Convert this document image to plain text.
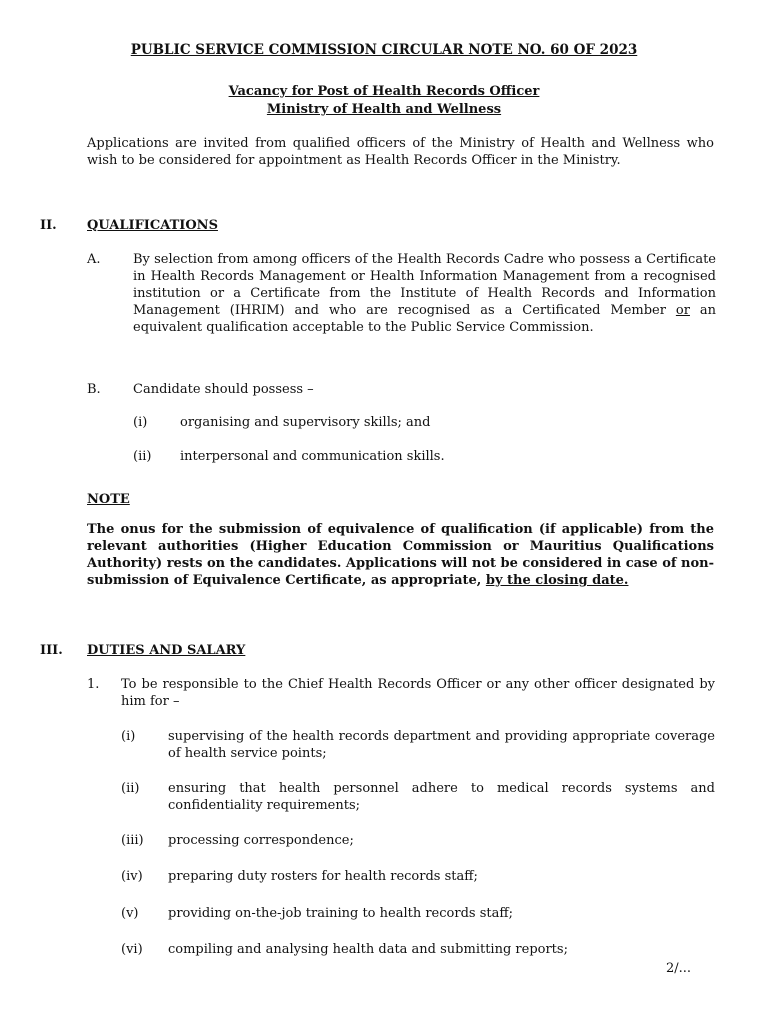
PUBLIC SERVICE COMMISSION CIRCULAR NOTE NO. 60 OF 2023
Vacancy for Post of Health Records Officer
Ministry of Health and Wellness
Applications are invited from qualified officers of the Ministry of Health and Wellness who wish to be considered for appointment as Health Records Officer in the Ministry.
II. QUALIFICATIONS
A. By selection from among officers of the Health Records Cadre who possess a Certificate in Health Records Management or Health Information Management from a recognised institution or a Certificate from the Institute of Health Records and Information Management (IHRIM) and who are recognised as a Certificated Member or an equivalent qualification acceptable to the Public Service Commission.
B. Candidate should possess –
(i)	organising and supervisory skills; and
(ii) interpersonal and communication skills.
NOTE
The onus for the submission of equivalence of qualification (if applicable) from the relevant authorities (Higher Education Commission or Mauritius Qualifications Authority) rests on the candidates. Applications will not be considered in case of non-submission of Equivalence Certificate, as appropriate, by the closing date.
III. DUTIES AND SALARY
1. To be responsible to the Chief Health Records Officer or any other officer designated by him for –
(i)	supervising of the health records department and providing appropriate coverage of health service points;
(ii) ensuring that health personnel adhere to medical records systems and confidentiality requirements;
(iii) processing correspondence;
(iv) preparing duty rosters for health records staff;
(v) providing on-the-job training to health records staff;
(vi) compiling and analysing health data and submitting reports;
2/...
